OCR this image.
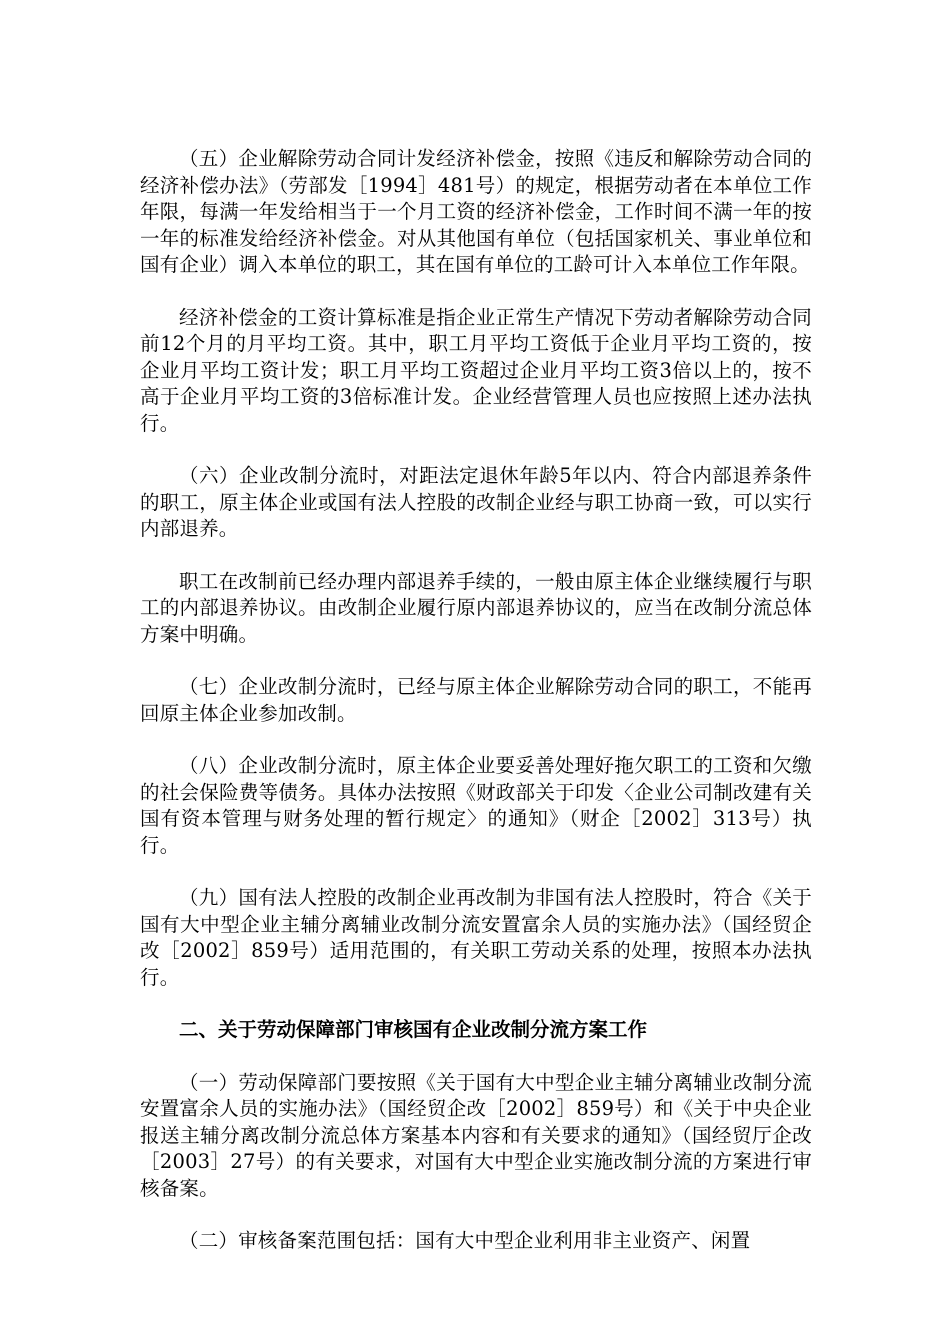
（五）企业解除劳动合同计发经济补偿金，按照《违反和解除劳动合同的经济补偿办法》（劳部发［1994］481号）的规定，根据劳动者在本单位工作年限，每满一年发给相当于一个月工资的经济补偿金，工作时间不满一年的按一年的标准发给经济补偿金。对从其他国有单位（包括国家机关、事业单位和国有企业）调入本单位的职工，其在国有单位的工龄可计入本单位工作年限。

经济补偿金的工资计算标准是指企业正常生产情况下劳动者解除劳动合同前12个月的月平均工资。其中，职工月平均工资低于企业月平均工资的，按企业月平均工资计发；职工月平均工资超过企业月平均工资3倍以上的，按不高于企业月平均工资的3倍标准计发。企业经营管理人员也应按照上述办法执行。

（六）企业改制分流时，对距法定退休年龄5年以内、符合内部退养条件的职工，原主体企业或国有法人控股的改制企业经与职工协商一致，可以实行内部退养。

职工在改制前已经办理内部退养手续的，一般由原主体企业继续履行与职工的内部退养协议。由改制企业履行原内部退养协议的，应当在改制分流总体方案中明确。

（七）企业改制分流时，已经与原主体企业解除劳动合同的职工，不能再回原主体企业参加改制。

（八）企业改制分流时，原主体企业要妥善处理好拖欠职工的工资和欠缴的社会保险费等债务。具体办法按照《财政部关于印发〈企业公司制改建有关国有资本管理与财务处理的暂行规定〉的通知》（财企［2002］313号）执行。

（九）国有法人控股的改制企业再改制为非国有法人控股时，符合《关于国有大中型企业主辅分离辅业改制分流安置富余人员的实施办法》（国经贸企改［2002］859号）适用范围的，有关职工劳动关系的处理，按照本办法执行。

二、关于劳动保障部门审核国有企业改制分流方案工作

（一）劳动保障部门要按照《关于国有大中型企业主辅分离辅业改制分流安置富余人员的实施办法》（国经贸企改［2002］859号）和《关于中央企业报送主辅分离改制分流总体方案基本内容和有关要求的通知》（国经贸厅企改［2003］27号）的有关要求，对国有大中型企业实施改制分流的方案进行审核备案。

（二）审核备案范围包括：国有大中型企业利用非主业资产、闲置
